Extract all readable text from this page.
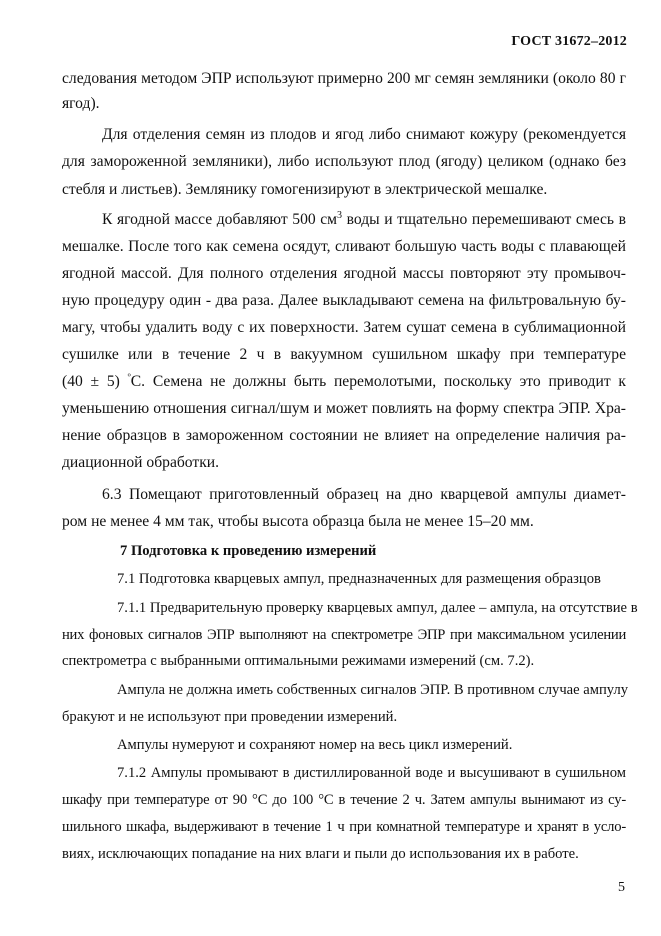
ГОСТ 31672–2012
следования методом ЭПР используют примерно 200 мг семян земляники (около 80 г
ягод).
Для отделения семян из плодов и ягод либо снимают кожуру (рекомендуется
для замороженной земляники), либо используют плод (ягоду) целиком (однако без
стебля и листьев). Землянику гомогенизируют в электрической мешалке.
К ягодной массе добавляют 500 $см^3$ воды и тщательно перемешивают смесь в
мешалке. После того как семена осядут, сливают большую часть воды с плавающей
ягодной массой. Для полного отделения ягодной массы повторяют эту промывоч-
ную процедуру один - два раза. Далее выкладывают семена на фильтровальную бу-
магу, чтобы удалить воду с их поверхности. Затем сушат семена в сублимационной
сушилке или в течение 2 ч в вакуумном сушильном шкафу при температуре
(40 ± 5) $^º$С. Семена не должны быть перемолотыми, поскольку это приводит к
уменьшению отношения сигнал/шум и может повлиять на форму спектра ЭПР. Хра-
нение образцов в замороженном состоянии не влияет на определение наличия ра-
диационной обработки.
6.3 Помещают приготовленный образец на дно кварцевой ампулы диамет-
ром не менее 4 мм так, чтобы высота образца была не менее 15–20 мм.
7 Подготовка к проведению измерений
7.1 Подготовка кварцевых ампул, предназначенных для размещения образцов
7.1.1 Предварительную проверку кварцевых ампул, далее – ампула, на отсутствие в
них фоновых сигналов ЭПР выполняют на спектрометре ЭПР при максимальном усилении
спектрометра с выбранными оптимальными режимами измерений (см. 7.2).
Ампула не должна иметь собственных сигналов ЭПР. В противном случае ампулу
бракуют и не используют при проведении измерений.
Ампулы нумеруют и сохраняют номер на весь цикл измерений.
7.1.2 Ампулы промывают в дистиллированной воде и высушивают в сушильном
шкафу при температуре от 90 °С до 100 °С в течение 2 ч. Затем ампулы вынимают из су-
шильного шкафа, выдерживают в течение 1 ч при комнатной температуре и хранят в усло-
виях, исключающих попадание на них влаги и пыли до использования их в работе.
5
